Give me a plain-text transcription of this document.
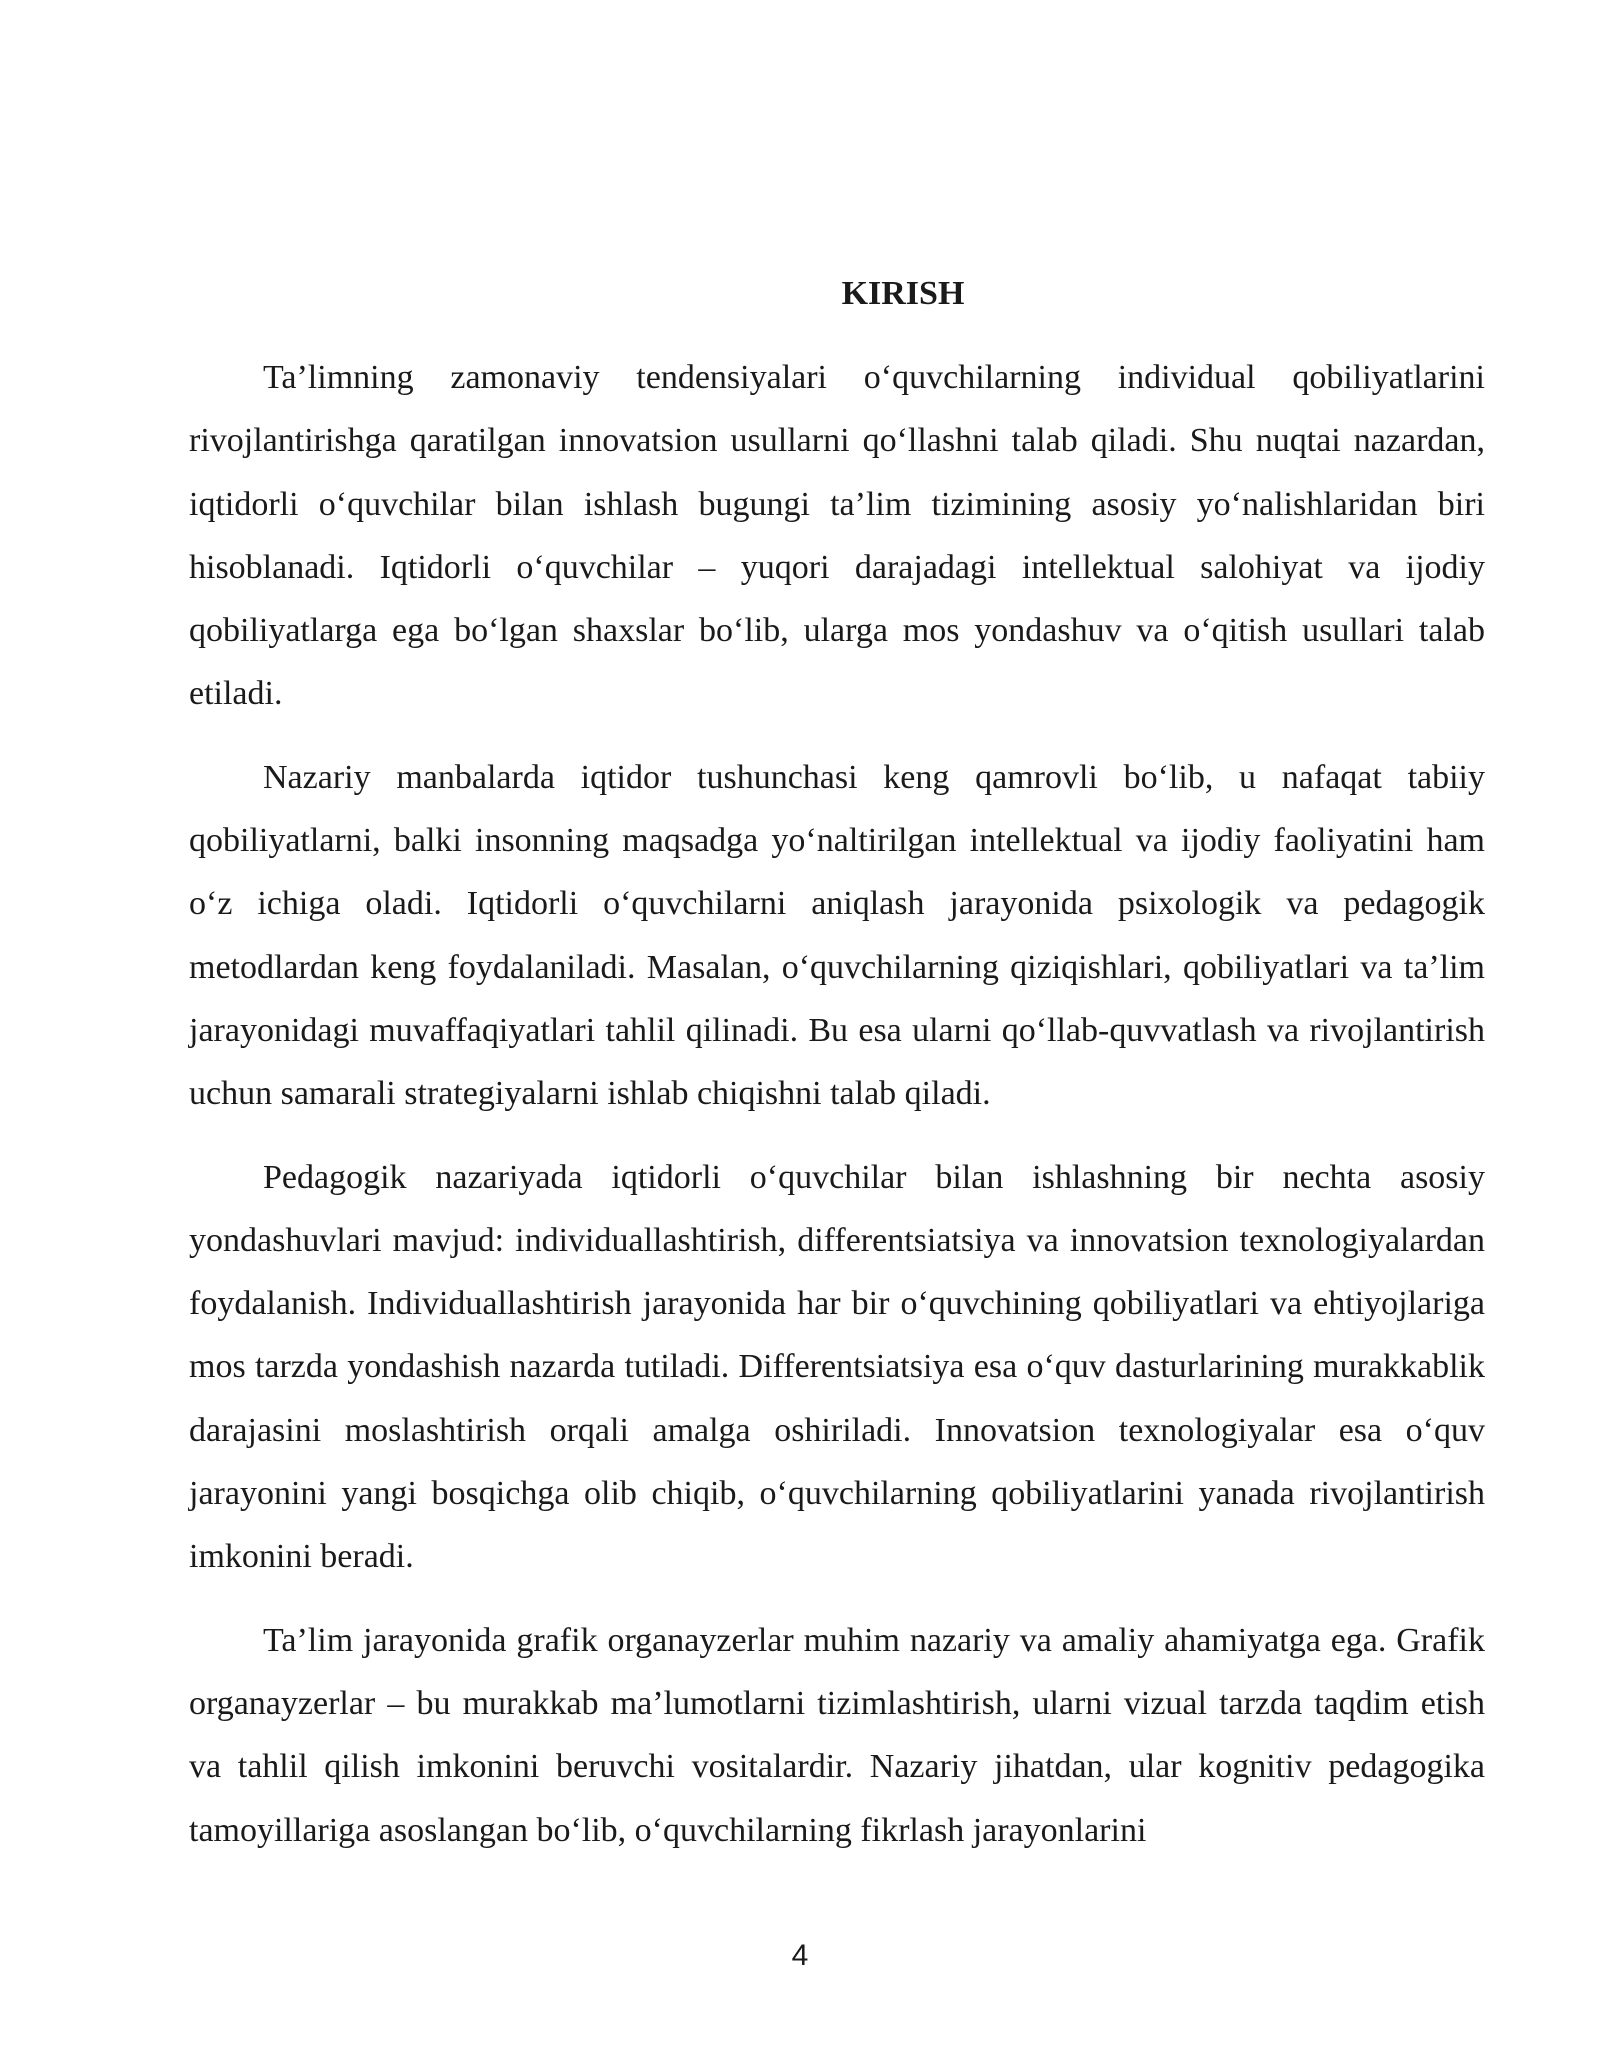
KIRISH

Ta’limning zamonaviy tendensiyalari o‘quvchilarning individual qobiliyatlarini rivojlantirishga qaratilgan innovatsion usullarni qo‘llashni talab qiladi. Shu nuqtai nazardan, iqtidorli o‘quvchilar bilan ishlash bugungi ta’lim tizimining asosiy yo‘nalishlaridan biri hisoblanadi. Iqtidorli o‘quvchilar – yuqori darajadagi intellektual salohiyat va ijodiy qobiliyatlarga ega bo‘lgan shaxslar bo‘lib, ularga mos yondashuv va o‘qitish usullari talab etiladi.

Nazariy manbalarda iqtidor tushunchasi keng qamrovli bo‘lib, u nafaqat tabiiy qobiliyatlarni, balki insonning maqsadga yo‘naltirilgan intellektual va ijodiy faoliyatini ham o‘z ichiga oladi. Iqtidorli o‘quvchilarni aniqlash jarayonida psixologik va pedagogik metodlardan keng foydalaniladi. Masalan, o‘quvchilarning qiziqishlari, qobiliyatlari va ta’lim jarayonidagi muvaffaqiyatlari tahlil qilinadi. Bu esa ularni qo‘llab-quvvatlash va rivojlantirish uchun samarali strategiyalarni ishlab chiqishni talab qiladi.

Pedagogik nazariyada iqtidorli o‘quvchilar bilan ishlashning bir nechta asosiy yondashuvlari mavjud: individuallashtirish, differentsiatsiya va innovatsion texnologiyalardan foydalanish. Individuallashtirish jarayonida har bir o‘quvchining qobiliyatlari va ehtiyojlariga mos tarzda yondashish nazarda tutiladi. Differentsiatsiya esa o‘quv dasturlarining murakkablik darajasini moslashtirish orqali amalga oshiriladi. Innovatsion texnologiyalar esa o‘quv jarayonini yangi bosqichga olib chiqib, o‘quvchilarning qobiliyatlarini yanada rivojlantirish imkonini beradi.

Ta’lim jarayonida grafik organayzerlar muhim nazariy va amaliy ahamiyatga ega. Grafik organayzerlar – bu murakkab ma’lumotlarni tizimlashtirish, ularni vizual tarzda taqdim etish va tahlil qilish imkonini beruvchi vositalardir. Nazariy jihatdan, ular kognitiv pedagogika tamoyillariga asoslangan bo‘lib, o‘quvchilarning fikrlash jarayonlarini

4
